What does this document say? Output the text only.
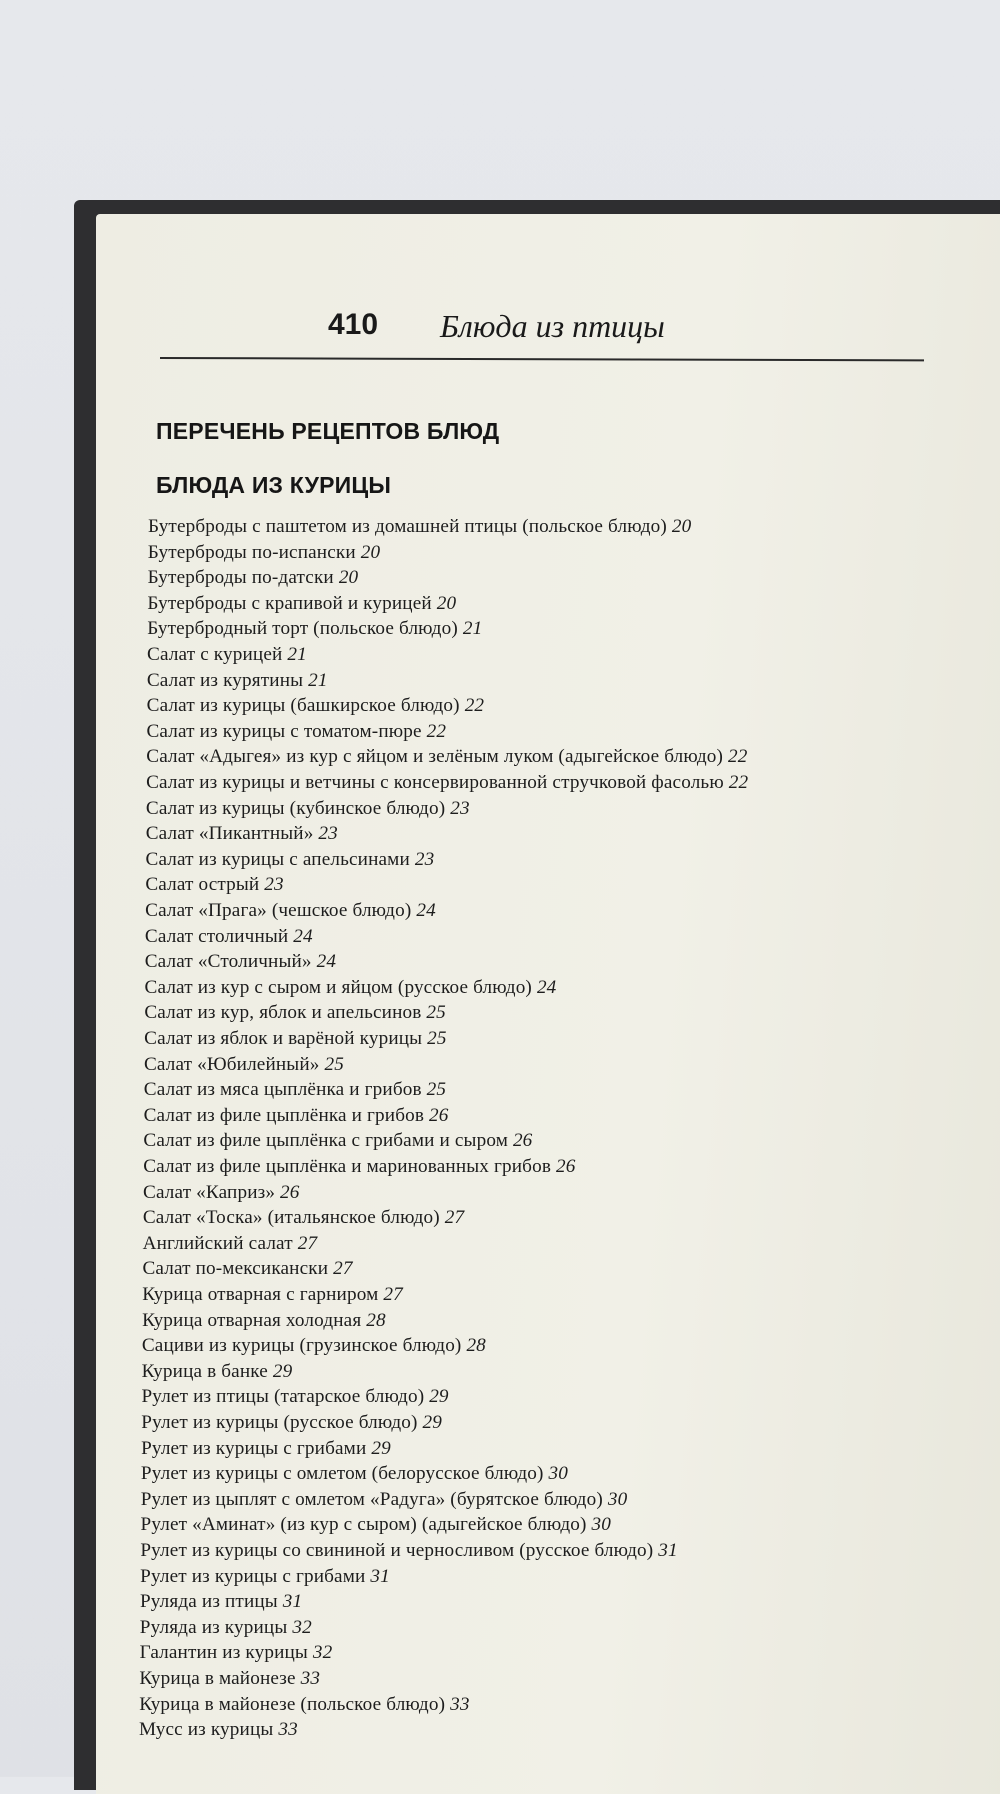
410 Блюда из птицы
ПЕРЕЧЕНЬ РЕЦЕПТОВ БЛЮД
БЛЮДА ИЗ КУРИЦЫ
Бутерброды с паштетом из домашней птицы (польское блюдо) 20
Бутерброды по-испански 20
Бутерброды по-датски 20
Бутерброды с крапивой и курицей 20
Бутербродный торт (польское блюдо) 21
Салат с курицей 21
Салат из курятины 21
Салат из курицы (башкирское блюдо) 22
Салат из курицы с томатом-пюре 22
Салат «Адыгея» из кур с яйцом и зелёным луком (адыгейское блюдо) 22
Салат из курицы и ветчины с консервированной стручковой фасолью 22
Салат из курицы (кубинское блюдо) 23
Салат «Пикантный» 23
Салат из курицы с апельсинами 23
Салат острый 23
Салат «Прага» (чешское блюдо) 24
Салат столичный 24
Салат «Столичный» 24
Салат из кур с сыром и яйцом (русское блюдо) 24
Салат из кур, яблок и апельсинов 25
Салат из яблок и варёной курицы 25
Салат «Юбилейный» 25
Салат из мяса цыплёнка и грибов 25
Салат из филе цыплёнка и грибов 26
Салат из филе цыплёнка с грибами и сыром 26
Салат из филе цыплёнка и маринованных грибов 26
Салат «Каприз» 26
Салат «Тоска» (итальянское блюдо) 27
Английский салат 27
Салат по-мексикански 27
Курица отварная с гарниром 27
Курица отварная холодная 28
Сациви из курицы (грузинское блюдо) 28
Курица в банке 29
Рулет из птицы (татарское блюдо) 29
Рулет из курицы (русское блюдо) 29
Рулет из курицы с грибами 29
Рулет из курицы с омлетом (белорусское блюдо) 30
Рулет из цыплят с омлетом «Радуга» (бурятское блюдо) 30
Рулет «Аминат» (из кур с сыром) (адыгейское блюдо) 30
Рулет из курицы со свининой и черносливом (русское блюдо) 31
Рулет из курицы с грибами 31
Руляда из птицы 31
Руляда из курицы 32
Галантин из курицы 32
Курица в майонезе 33
Курица в майонезе (польское блюдо) 33
Мусс из курицы 33
